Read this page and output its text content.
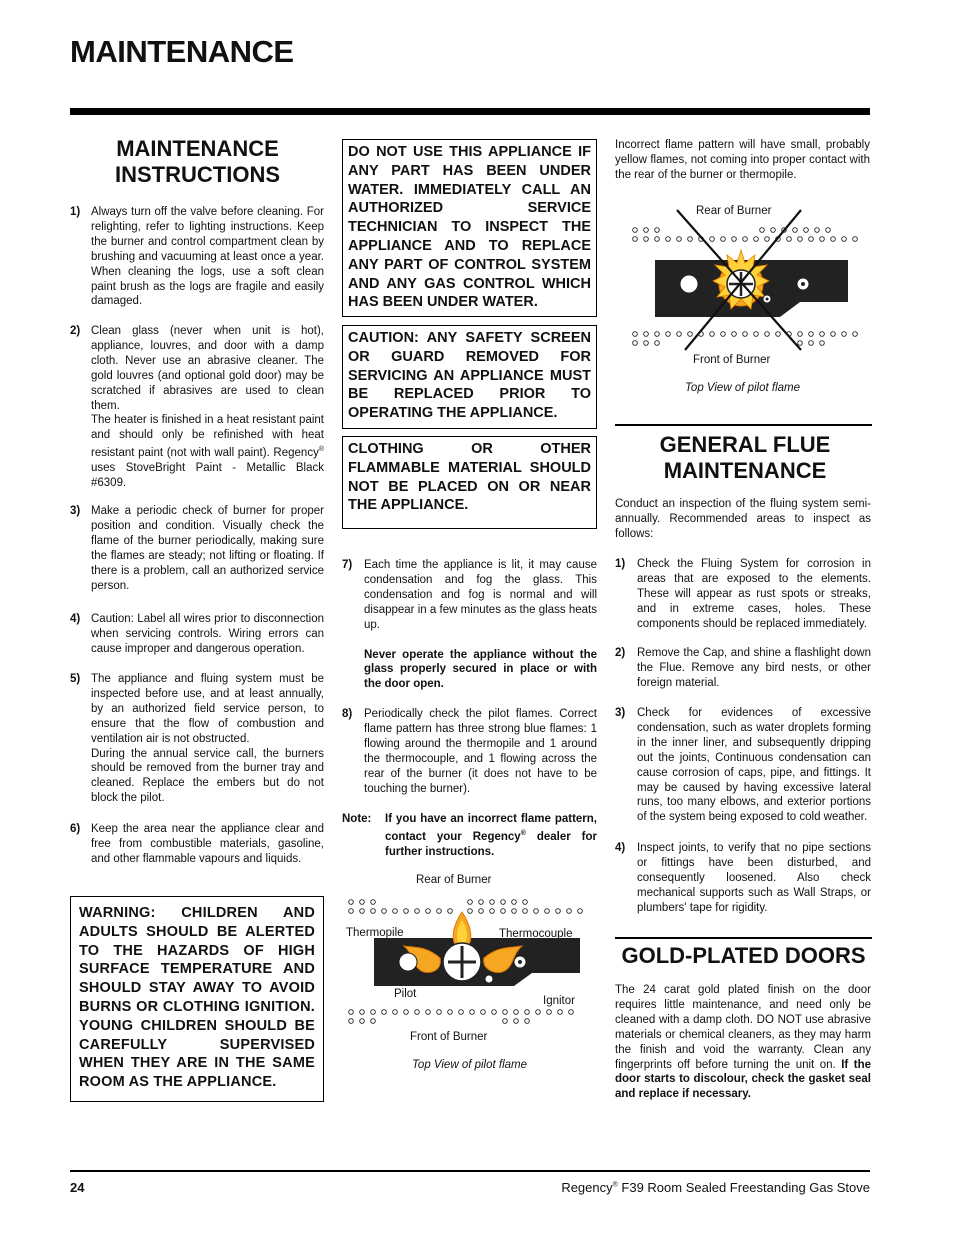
MAINTENANCE
MAINTENANCE INSTRUCTIONS
1) Always turn off the valve before cleaning. For relighting, refer to lighting instructions. Keep the burner and control compartment clean by brushing and vacuuming at least once a year. When cleaning the logs, use a soft clean paint brush as the logs are fragile and easily damaged.
2) Clean glass (never when unit is hot), appliance, louvres, and door with a damp cloth. Never use an abrasive cleaner. The gold louvres (and optional gold door) may be scratched if abrasives are used to clean them.
The heater is finished in a heat resistant paint and should only be refinished with heat resistant paint (not with wall paint). Regency® uses StoveBright Paint - Metallic Black #6309.
3) Make a periodic check of burner for proper position and condition. Visually check the flame of the burner periodically, making sure the flames are steady; not lifting or floating. If there is a problem, call an authorized service person.
4) Caution: Label all wires prior to disconnection when servicing controls. Wiring errors can cause improper and dangerous operation.
5) The appliance and fluing system must be inspected before use, and at least annually, by an authorized field service person, to ensure that the flow of combustion and ventilation air is not obstructed.
During the annual service call, the burners should be removed from the burner tray and cleaned. Replace the embers but do not block the pilot.
6) Keep the area near the appliance clear and free from combustible materials, gasoline, and other flammable vapours and liquids.
WARNING: CHILDREN AND ADULTS SHOULD BE ALERTED TO THE HAZARDS OF HIGH SURFACE TEMPERATURE AND SHOULD STAY AWAY TO AVOID BURNS OR CLOTHING IGNITION. YOUNG CHILDREN SHOULD BE CAREFULLY SUPERVISED WHEN THEY ARE IN THE SAME ROOM AS THE APPLIANCE.
DO NOT USE THIS APPLIANCE IF ANY PART HAS BEEN UNDER WATER. IMMEDIATELY CALL AN AUTHORIZED SERVICE TECHNICIAN TO INSPECT THE APPLIANCE AND TO REPLACE ANY PART OF CONTROL SYSTEM AND ANY GAS CONTROL WHICH HAS BEEN UNDER WATER.
CAUTION: ANY SAFETY SCREEN OR GUARD REMOVED FOR SERVICING AN APPLIANCE MUST BE REPLACED PRIOR TO OPERATING THE APPLIANCE.
CLOTHING OR OTHER FLAMMABLE MATERIAL SHOULD NOT BE PLACED ON OR NEAR THE APPLIANCE.
7) Each time the appliance is lit, it may cause condensation and fog the glass. This condensation and fog is normal and will disappear in a few minutes as the glass heats up.
Never operate the appliance without the glass properly secured in place or with the door open.
8) Periodically check the pilot flames. Correct flame pattern has three strong blue flames: 1 flowing around the thermopile and 1 around the thermocouple, and 1 flowing across the rear of the burner (it does not have to be touching the burner).
Note: If you have an incorrect flame pattern, contact your Regency® dealer for further instructions.
Rear of Burner
Thermopile	Thermocouple
Pilot
Ignitor
Front of Burner
Top View of pilot flame
Incorrect flame pattern will have small, probably yellow flames, not coming into proper contact with the rear of the burner or thermopile.
Rear of Burner
Front of Burner
Top View of pilot flame
GENERAL FLUE MAINTENANCE
Conduct an inspection of the fluing system semi-annually. Recommended areas to inspect as follows:
1) Check the Fluing System for corrosion in areas that are exposed to the elements. These will appear as rust spots or streaks, and in extreme cases, holes. These components should be replaced immediately.
2) Remove the Cap, and shine a flashlight down the Flue. Remove any bird nests, or other foreign material.
3) Check for evidences of excessive condensation, such as water droplets forming in the inner liner, and subsequently dripping out the joints, Continuous condensation can cause corrosion of caps, pipe, and fittings. It may be caused by having excessive lateral runs, too many elbows, and exterior portions of the system being exposed to cold weather.
4) Inspect joints, to verify that no pipe sections or fittings have been disturbed, and consequently loosened. Also check mechanical supports such as Wall Straps, or plumbers' tape for rigidity.
GOLD-PLATED DOORS
The 24 carat gold plated finish on the door requires little maintenance, and need only be cleaned with a damp cloth. DO NOT use abrasive materials or chemical cleaners, as they may harm the finish and void the warranty. Clean any fingerprints off before turning the unit on. If the door starts to discolour, check the gasket seal and replace if necessary.
24	Regency® F39 Room Sealed Freestanding Gas Stove
